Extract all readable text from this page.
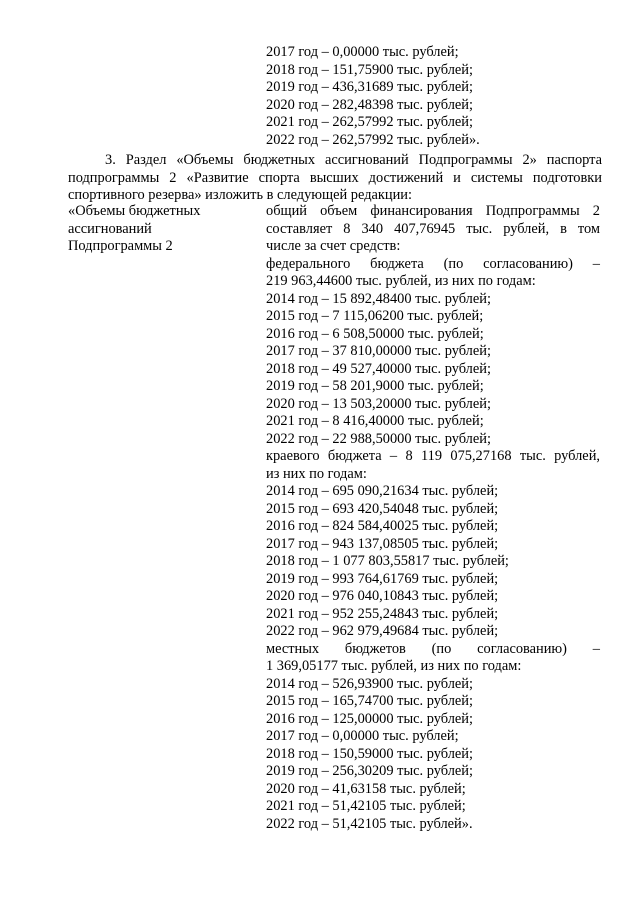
2017 год – 0,00000 тыс. рублей;
2018 год – 151,75900 тыс. рублей;
2019 год – 436,31689 тыс. рублей;
2020 год – 282,48398 тыс. рублей;
2021 год – 262,57992 тыс. рублей;
2022 год – 262,57992 тыс. рублей».
3. Раздел «Объемы бюджетных ассигнований Подпрограммы 2» паспорта
подпрограммы 2 «Развитие спорта высших достижений и системы подготовки
спортивного резерва» изложить в следующей редакции:
«Объемы бюджетных
ассигнований
Подпрограммы 2
общий объем финансирования Подпрограммы 2
составляет 8 340 407,76945 тыс. рублей, в том
числе за счет средств:
федерального бюджета (по согласованию) –
219 963,44600 тыс. рублей, из них по годам:
2014 год – 15 892,48400 тыс. рублей;
2015 год – 7 115,06200 тыс. рублей;
2016 год – 6 508,50000 тыс. рублей;
2017 год – 37 810,00000 тыс. рублей;
2018 год – 49 527,40000 тыс. рублей;
2019 год – 58 201,9000 тыс. рублей;
2020 год – 13 503,20000 тыс. рублей;
2021 год – 8 416,40000 тыс. рублей;
2022 год – 22 988,50000 тыс. рублей;
краевого бюджета – 8 119 075,27168 тыс. рублей,
из них по годам:
2014 год – 695 090,21634 тыс. рублей;
2015 год – 693 420,54048 тыс. рублей;
2016 год – 824 584,40025 тыс. рублей;
2017 год – 943 137,08505 тыс. рублей;
2018 год – 1 077 803,55817 тыс. рублей;
2019 год – 993 764,61769 тыс. рублей;
2020 год – 976 040,10843 тыс. рублей;
2021 год – 952 255,24843 тыс. рублей;
2022 год – 962 979,49684 тыс. рублей;
местных бюджетов (по согласованию) –
1 369,05177 тыс. рублей, из них по годам:
2014 год – 526,93900 тыс. рублей;
2015 год – 165,74700 тыс. рублей;
2016 год – 125,00000 тыс. рублей;
2017 год – 0,00000 тыс. рублей;
2018 год – 150,59000 тыс. рублей;
2019 год – 256,30209 тыс. рублей;
2020 год – 41,63158 тыс. рублей;
2021 год – 51,42105 тыс. рублей;
2022 год – 51,42105 тыс. рублей».
